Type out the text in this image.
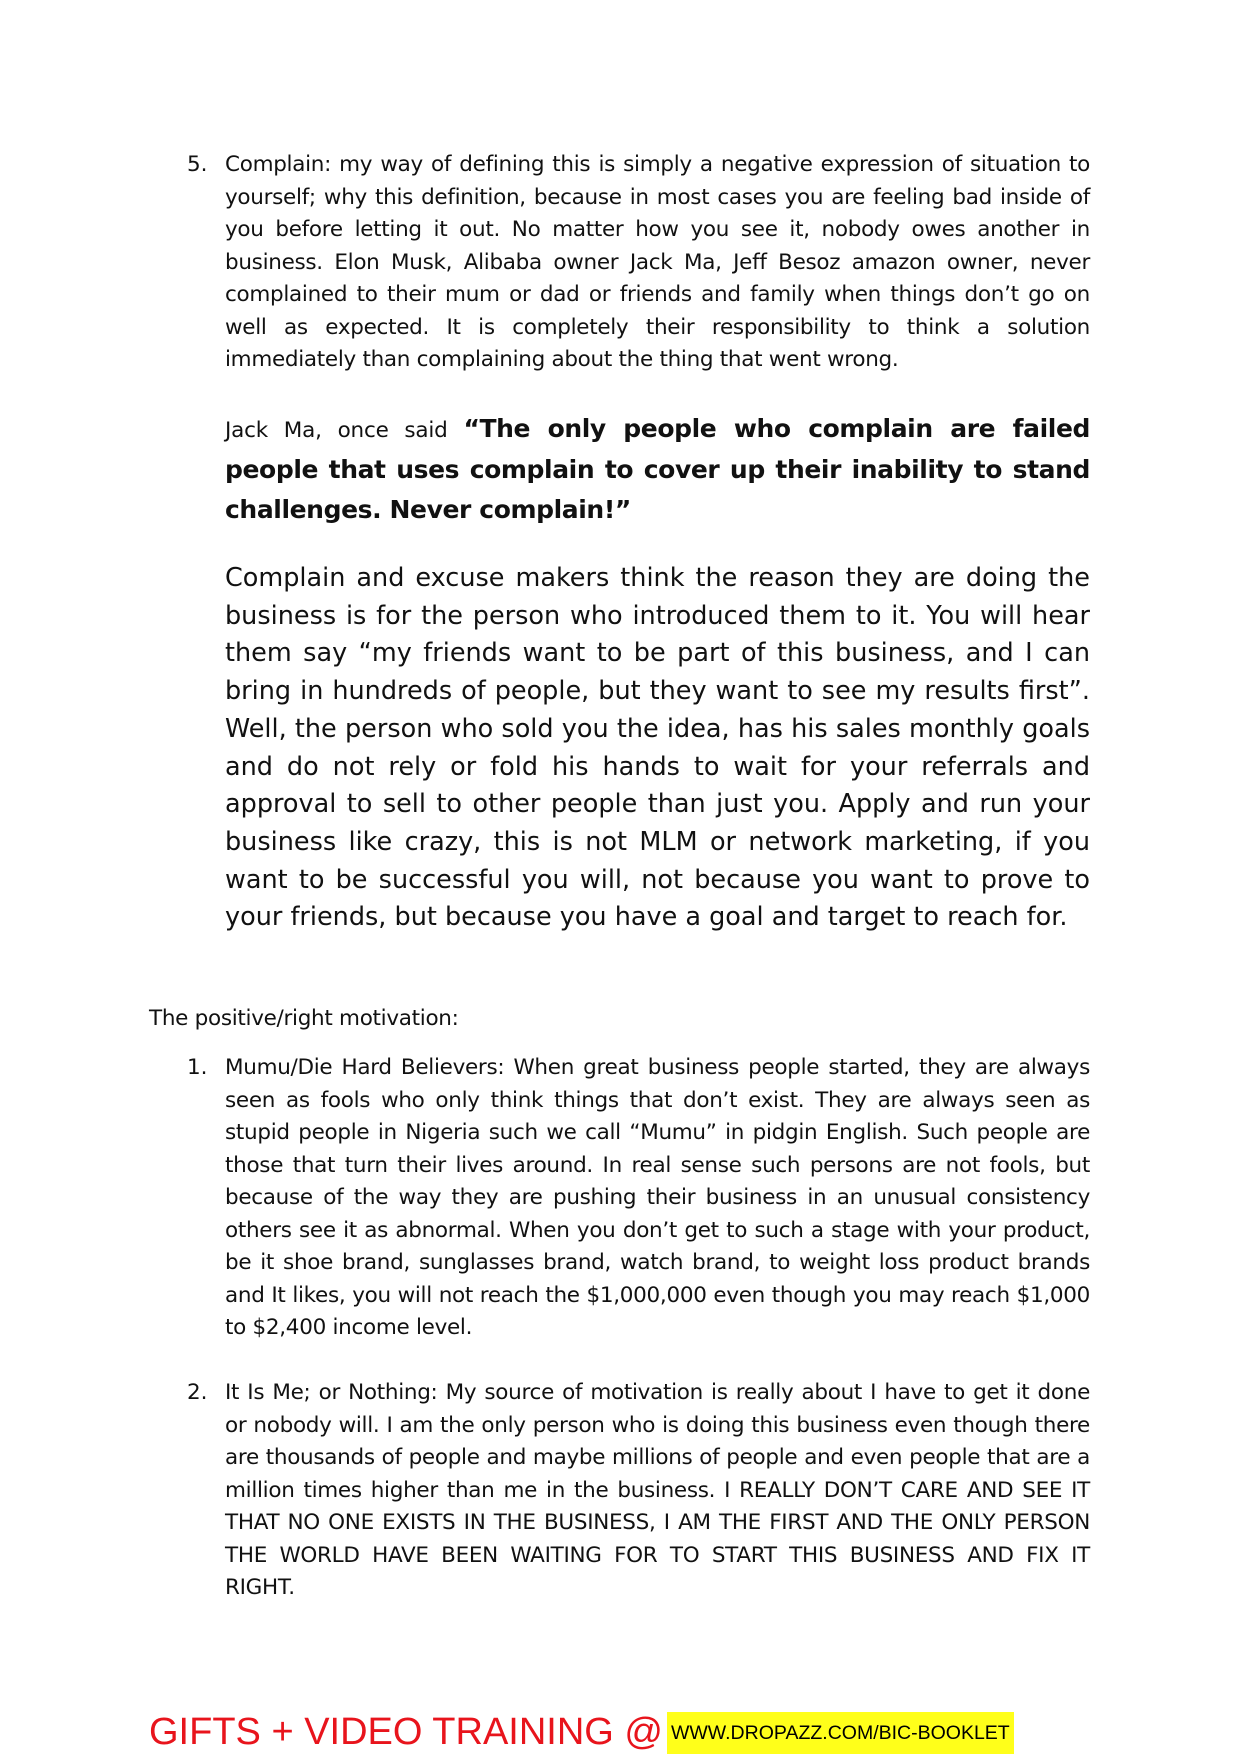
5. Complain: my way of defining this is simply a negative expression of situation to yourself; why this definition, because in most cases you are feeling bad inside of you before letting it out. No matter how you see it, nobody owes another in business. Elon Musk, Alibaba owner Jack Ma, Jeff Besoz amazon owner, never complained to their mum or dad or friends and family when things don’t go on well as expected. It is completely their responsibility to think a solution immediately than complaining about the thing that went wrong.

Jack Ma, once said “The only people who complain are failed people that uses complain to cover up their inability to stand challenges. Never complain!”

Complain and excuse makers think the reason they are doing the business is for the person who introduced them to it. You will hear them say “my friends want to be part of this business, and I can bring in hundreds of people, but they want to see my results first”. Well, the person who sold you the idea, has his sales monthly goals and do not rely or fold his hands to wait for your referrals and approval to sell to other people than just you. Apply and run your business like crazy, this is not MLM or network marketing, if you want to be successful you will, not because you want to prove to your friends, but because you have a goal and target to reach for.

The positive/right motivation:

1. Mumu/Die Hard Believers: When great business people started, they are always seen as fools who only think things that don’t exist. They are always seen as stupid people in Nigeria such we call “Mumu” in pidgin English. Such people are those that turn their lives around. In real sense such persons are not fools, but because of the way they are pushing their business in an unusual consistency others see it as abnormal. When you don’t get to such a stage with your product, be it shoe brand, sunglasses brand, watch brand, to weight loss product brands and It likes, you will not reach the $1,000,000 even though you may reach $1,000 to $2,400 income level.

2. It Is Me; or Nothing: My source of motivation is really about I have to get it done or nobody will. I am the only person who is doing this business even though there are thousands of people and maybe millions of people and even people that are a million times higher than me in the business. I REALLY DON’T CARE AND SEE IT THAT NO ONE EXISTS IN THE BUSINESS, I AM THE FIRST AND THE ONLY PERSON THE WORLD HAVE BEEN WAITING FOR TO START THIS BUSINESS AND FIX IT RIGHT.

GIFTS + VIDEO TRAINING @ WWW.DROPAZZ.COM/BIC-BOOKLET
